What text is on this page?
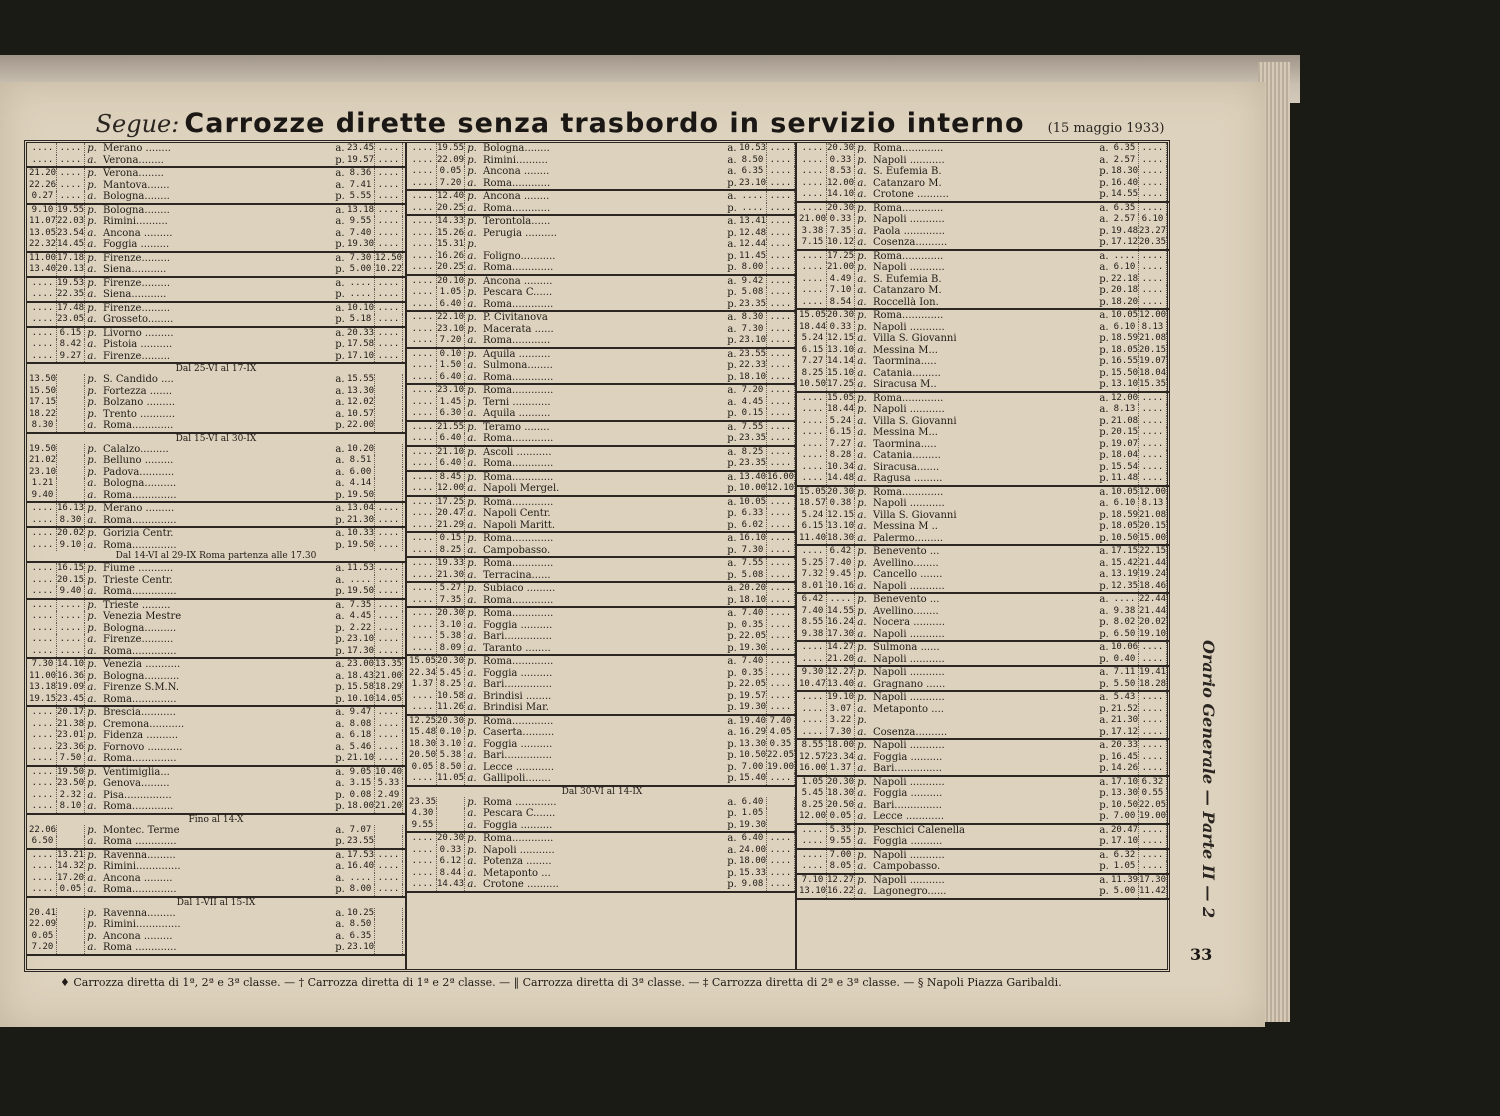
Segue: Carrozze dirette senza trasbordo in servizio interno (15 maggio 1933)
.... .... p. Merano ........	a. 23.45 ....
.... .... a. Verona........	p. 19.57 ....
21.20 .... p. Verona........	a. 8.36 ....
22.26 .... p. Mantova.......	a. 7.41 ....
0.27 .... a. Bologna........	p. 5.55 ....
9.10 19.55 p. Bologna........	a. 13.18 ....
11.07 22.03 p. Rimini..........	a. 9.55 ....
13.05 23.54 a. Ancona .........	a. 7.40 ....
22.32 14.45 a. Foggia .........	p. 19.30 ....
11.00 17.18 p. Firenze.........	a. 7.30 12.50
13.40 20.13 a. Siena...........	p. 5.00 10.22
.... 19.53 p. Firenze.........	a. .... ....
.... 22.35 a. Siena...........	p. .... ....
.... 17.48 p. Firenze.........	a. 10.10 ....
.... 23.05 a. Grosseto........	p. 5.18 ....
.... 6.15 p. Livorno .........	a. 20.33 ....
.... 8.42 a. Pistoia ..........	p. 17.58 ....
.... 9.27 a. Firenze.........	p. 17.10 ....
Dal 25-VI al 17-IX
13.50	p. S. Candido ....	a. 15.55
15.50	p. Fortezza .......	a. 13.30
17.15	p. Bolzano .........	a. 12.02
18.22	p. Trento ...........	a. 10.57
8.30	a. Roma.............	p. 22.00
Dal 15-VI al 30-IX
19.50	p. Calalzo.........	a. 10.20
21.02	p. Belluno .........	a. 8.51
23.10	p. Padova...........	a. 6.00
1.21	a. Bologna..........	a. 4.14
9.40	a. Roma..............	p. 19.50
.... 16.13 p. Merano .........	a. 13.04 ....
.... 8.30 a. Roma..............	p. 21.30 ....
.... 20.02 p. Gorizia Centr.	a. 10.33 ....
.... 9.10 a. Roma..............	p. 19.50 ....
Dal 14-VI al 29-IX Roma partenza alle 17.30
.... 16.15 p. Fiume ...........	a. 11.53 ....
.... 20.15 p. Trieste Centr.	a. .... ....
.... 9.40 a. Roma..............	p. 19.50 ....
.... .... p. Trieste .........	a. 7.35 ....
.... .... p. Venezia Mestre	a. 4.45 ....
.... .... p. Bologna..........	p. 2.22 ....
.... .... a. Firenze..........	p. 23.10 ....
.... .... a. Roma..............	p. 17.30 ....
7.30 14.10 p. Venezia ...........	a. 23.00 13.35
11.00 16.36 p. Bologna...........	a. 18.43 21.00
13.18 19.09 a. Firenze S.M.N.	p. 15.58 18.29
19.15 23.45 a. Roma..............	p. 10.10 14.05
.... 20.17 p. Brescia...........	a. 9.47 ....
.... 21.38 p. Cremona...........	a. 8.08 ....
.... 23.01 p. Fidenza ..........	a. 6.18 ....
.... 23.36 p. Fornovo ...........	a. 5.46 ....
.... 7.50 a. Roma..............	p. 21.10 ....
.... 19.50 p. Ventimiglia...	a. 9.05 10.40
.... 23.50 p. Genova.........	a. 3.15 5.33
.... 2.32 a. Pisa...............	p. 0.08 2.49
.... 8.10 a. Roma.............	p. 18.00 21.20
Fino al 14-X
22.06	p. Montec. Terme	a. 7.07
6.50	a. Roma .............	p. 23.55
.... 13.21 p. Ravenna.........	a. 17.53 ....
.... 14.32 p. Rimini..............	a. 16.40 ....
.... 17.20 a. Ancona .........	a. .... ....
.... 0.05 a. Roma..............	p. 8.00 ....
Dal 1-VII al 15-IX
20.41	p. Ravenna.........	a. 10.25
22.09	p. Rimini..............	a. 8.50
0.05	p. Ancona .........	a. 6.35
7.20	a. Roma .............	p. 23.10
.... 19.55 p. Bologna........	a. 10.53 ....
.... 22.09 p. Rimini..........	a. 8.50 ....
.... 0.05 p. Ancona ........	a. 6.35 ....
.... 7.20 a. Roma............	p. 23.10 ....
.... 12.40 p. Ancona ........	a. .... ....
.... 20.25 a. Roma............	p. .... ....
.... 14.33 p. Terontola......	a. 13.41 ....
.... 15.26 a. Perugia ..........	p. 12.48 ....
.... 15.31 p.	a. 12.44 ....
.... 16.26 a. Foligno...........	p. 11.45 ....
.... 20.25 a. Roma.............	p. 8.00 ....
.... 20.10 p. Ancona .........	a. 9.42 ....
.... 1.05 p. Pescara C......	p. 5.08 ....
.... 6.40 a. Roma.............	p. 23.35 ....
.... 22.10 p. P. Civitanova	a. 8.30 ....
.... 23.10 p. Macerata ......	a. 7.30 ....
.... 7.20 a. Roma............	p. 23.10 ....
.... 0.10 p. Aquila ..........	a. 23.55 ....
.... 1.50 a. Sulmona........	p. 22.33 ....
.... 6.40 a. Roma.............	p. 18.10 ....
.... 23.10 p. Roma.............	a. 7.20 ....
.... 1.45 p. Terni ............	a. 4.45 ....
.... 6.30 a. Aquila ..........	p. 0.15 ....
.... 21.55 p. Teramo ........	a. 7.55 ....
.... 6.40 a. Roma.............	p. 23.35 ....
.... 21.10 p. Ascoli ...........	a. 8.25 ....
.... 6.40 a. Roma.............	p. 23.35 ....
.... 8.45 p. Roma.............	a. 13.40 16.00
.... 12.00 a. Napoli Mergel.	p. 10.00 12.10
.... 17.25 p. Roma.............	a. 10.05 ....
.... 20.47 a. Napoli Centr.	p. 6.33 ....
.... 21.29 a. Napoli Maritt.	p. 6.02 ....
.... 0.15 p. Roma.............	a. 16.10 ....
.... 8.25 a. Campobasso.	p. 7.30 ....
.... 19.33 p. Roma.............	a. 7.55 ....
.... 21.30 a. Terracina......	p. 5.08 ....
.... 5.27 p. Subiaco .........	a. 20.20 ....
.... 7.35 a. Roma.............	p. 18.10 ....
.... 20.30 p. Roma.............	a. 7.40 ....
.... 3.10 a. Foggia ..........	p. 0.35 ....
.... 5.38 a. Bari...............	p. 22.05 ....
.... 8.09 a. Taranto ........	p. 19.30 ....
15.05 20.30 p. Roma.............	a. 7.40 ....
22.34 5.45 a. Foggia ..........	p. 0.35 ....
1.37 8.25 a. Bari...............	p. 22.05 ....
.... 10.58 a. Brindisi ........	p. 19.57 ....
.... 11.26 a. Brindisi Mar.	p. 19.30 ....
12.25 20.30 p. Roma.............	a. 19.40 7.40
15.48 0.10 p. Caserta..........	a. 16.29 4.05
18.30 3.10 a. Foggia ..........	p. 13.30 0.35
20.50 5.38 a. Bari...............	p. 10.50 22.05
0.05 8.50 a. Lecce ............	p. 7.00 19.00
.... 11.05 a. Gallipoli........	p. 15.40 ....
Dal 30-VI al 14-IX
23.35	p. Roma .............	a. 6.40
4.30	a. Pescara C.......	p. 1.05
9.55	a. Foggia ..........	p. 19.30
.... 20.30 p. Roma.............	a. 6.40 ....
.... 0.33 p. Napoli ...........	a. 24.00 ....
.... 6.12 a. Potenza ........	p. 18.00 ....
.... 8.44 a. Metaponto ...	p. 15.33 ....
.... 14.43 a. Crotone ..........	p. 9.08 ....
.... 20.30 p. Roma.............	a. 6.35 ....
.... 0.33 p. Napoli ...........	a. 2.57 ....
.... 8.53 a. S. Eufemia B.	p. 18.30 ....
.... 12.00 a. Catanzaro M.	p. 16.40 ....
.... 14.10 a. Crotone ..........	p. 14.55 ....
.... 20.30 p. Roma.............	a. 6.35 ....
21.00 0.33 p. Napoli ...........	a. 2.57 6.10
3.38 7.35 a. Paola .............	p. 19.48 23.27
7.15 10.12 a. Cosenza..........	p. 17.12 20.35
.... 17.25 p. Roma.............	a. .... ....
.... 21.00 p. Napoli ...........	a. 6.10 ....
.... 4.49 a. S. Eufemia B.	p. 22.18 ....
.... 7.10 a. Catanzaro M.	p. 20.18 ....
.... 8.54 a. Roccellà Ion.	p. 18.20 ....
15.05 20.30 p. Roma.............	a. 10.05 12.00
18.44 0.33 p. Napoli ...........	a. 6.10 8.13
5.24 12.15 a. Villa S. Giovanni	p. 18.59 21.08
6.15 13.10 a. Messina M...	p. 18.05 20.15
7.27 14.14 a. Taormina.....	p. 16.55 19.07
8.25 15.10 a. Catania.........	p. 15.50 18.04
10.50 17.25 a. Siracusa M..	p. 13.10 15.35
.... 15.05 p. Roma.............	a. 12.00 ....
.... 18.44 p. Napoli ...........	a. 8.13 ....
.... 5.24 a. Villa S. Giovanni	p. 21.08 ....
.... 6.15 a. Messina M...	p. 20.15 ....
.... 7.27 a. Taormina.....	p. 19.07 ....
.... 8.28 a. Catania.........	p. 18.04 ....
.... 10.34 a. Siracusa.......	p. 15.54 ....
.... 14.48 a. Ragusa .........	p. 11.48 ....
15.05 20.30 p. Roma.............	a. 10.05 12.00
18.57 0.38 p. Napoli ...........	a. 6.10 8.13
5.24 12.15 a. Villa S. Giovanni	p. 18.59 21.08
6.15 13.10 a. Messina M ..	p. 18.05 20.15
11.40 18.30 a. Palermo.........	p. 10.50 15.00
.... 6.42 p. Benevento ...	a. 17.15 22.15
5.25 7.40 p. Avellino........	a. 15.42 21.44
7.32 9.45 p. Cancello .......	a. 13.19 19.24
8.01 10.16 a. Napoli ...........	p. 12.35 18.46
6.42 .... p. Benevento ...	a. .... 22.44
7.40 14.55 p. Avellino........	a. 9.38 21.44
8.55 16.24 a. Nocera ..........	p. 8.02 20.02
9.38 17.30 a. Napoli ...........	p. 6.50 19.10
.... 14.27 p. Sulmona ......	a. 10.06 ....
.... 21.20 a. Napoli ...........	p. 0.40 ....
9.30 12.27 p. Napoli ...........	a. 7.11 19.41
10.47 13.40 a. Gragnano ......	p. 5.50 18.28
.... 19.10 p. Napoli ...........	a. 5.43 ....
.... 3.07 a. Metaponto ....	p. 21.52 ....
.... 3.22 p.	a. 21.30 ....
.... 7.30 a. Cosenza..........	p. 17.12 ....
8.55 18.00 p. Napoli ...........	a. 20.33 ....
12.57 23.34 a. Foggia ..........	p. 16.45 ....
16.00 1.37 a. Bari...............	p. 14.26 ....
1.05 20.30 p. Napoli ...........	a. 17.10 6.32
5.45 18.30 a. Foggia ..........	p. 13.30 0.55
8.25 20.50 a. Bari...............	p. 10.50 22.05
12.00 0.05 a. Lecce ............	p. 7.00 19.00
.... 5.35 p. Peschici Calenella	a. 20.47 ....
.... 9.55 a. Foggia ..........	p. 17.10 ....
.... 7.00 p. Napoli ...........	a. 6.32 ....
.... 8.05 a. Campobasso.	p. 1.05 ....
7.10 12.27 p. Napoli ...........	a. 11.39 17.30
13.10 16.22 a. Lagonegro......	p. 5.00 11.42
♦ Carrozza diretta di 1ª, 2ª e 3ª classe. — † Carrozza diretta di 1ª e 2ª classe. — ‖ Carrozza diretta di 3ª classe. — ‡ Carrozza diretta di 2ª e 3ª classe. — § Napoli Piazza Garibaldi.
Orario Generale — Parte II — 2
33
